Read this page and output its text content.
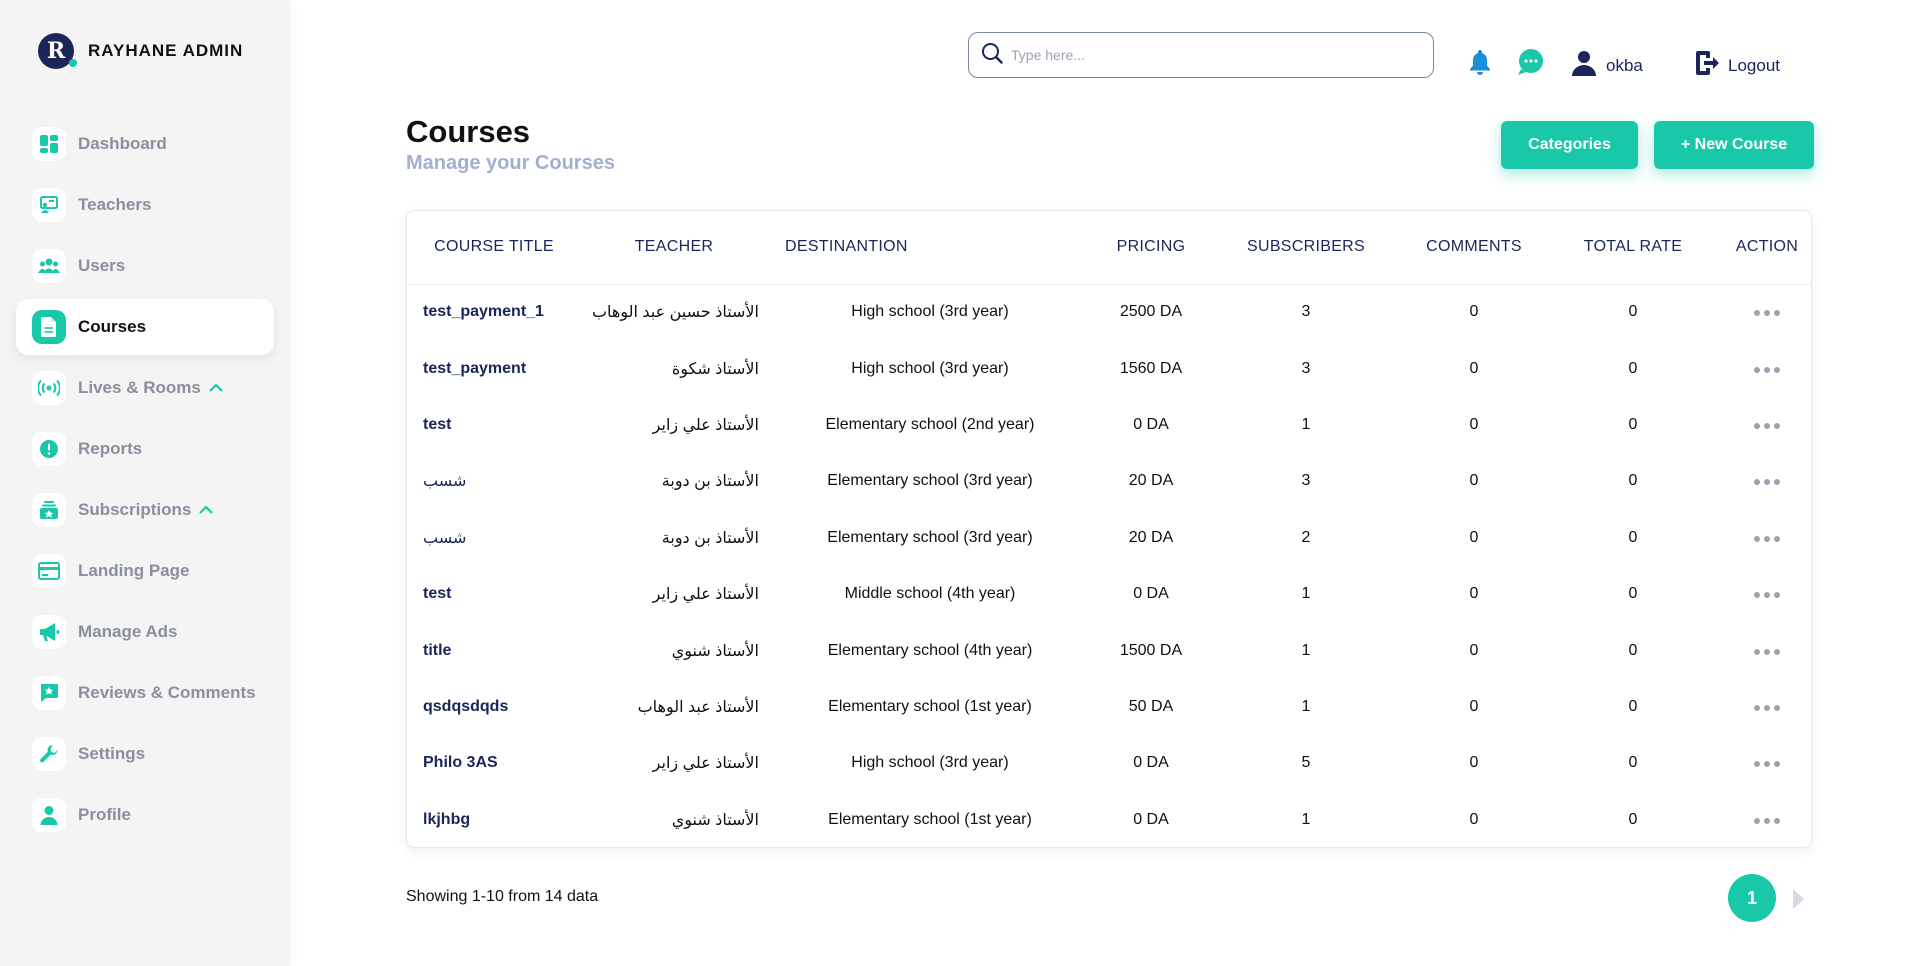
R	RAYHANE ADMIN
Dashboard
Teachers
Users
Courses
Lives & Rooms
Reports
Subscriptions
Landing Page
Manage Ads
Reviews & Comments
Settings
Profile
Type here...
okba	Logout
Courses
Manage your Courses
Categories	+ New Course
COURSE TITLE	TEACHER	DESTINANTION	PRICING	SUBSCRIBERS	COMMENTS	TOTAL RATE	ACTION
test_payment_1	الأستاذ حسين عبد الوهاب	High school (3rd year)	2500 DA	3	0	0	

test_payment	الأستاذ شكوة	High school (3rd year)	1560 DA	3	0	0	

test	الأستاذ علي زاير	Elementary school (2nd year)	0 DA	1	0	0	

شسب	الأستاذ بن دوبة	Elementary school (3rd year)	20 DA	3	0	0	

شسب	الأستاذ بن دوبة	Elementary school (3rd year)	20 DA	2	0	0	

test	الأستاذ علي زاير	Middle school (4th year)	0 DA	1	0	0	

title	الأستاذ شنوي	Elementary school (4th year)	1500 DA	1	0	0	

qsdqsdqds	الأستاذ عبد الوهاب	Elementary school (1st year)	50 DA	1	0	0	

Philo 3AS	الأستاذ علي زاير	High school (3rd year)	0 DA	5	0	0	

lkjhbg	الأستاذ شنوي	Elementary school (1st year)	0 DA	1	0	0	
Showing 1-10 from 14 data	1
